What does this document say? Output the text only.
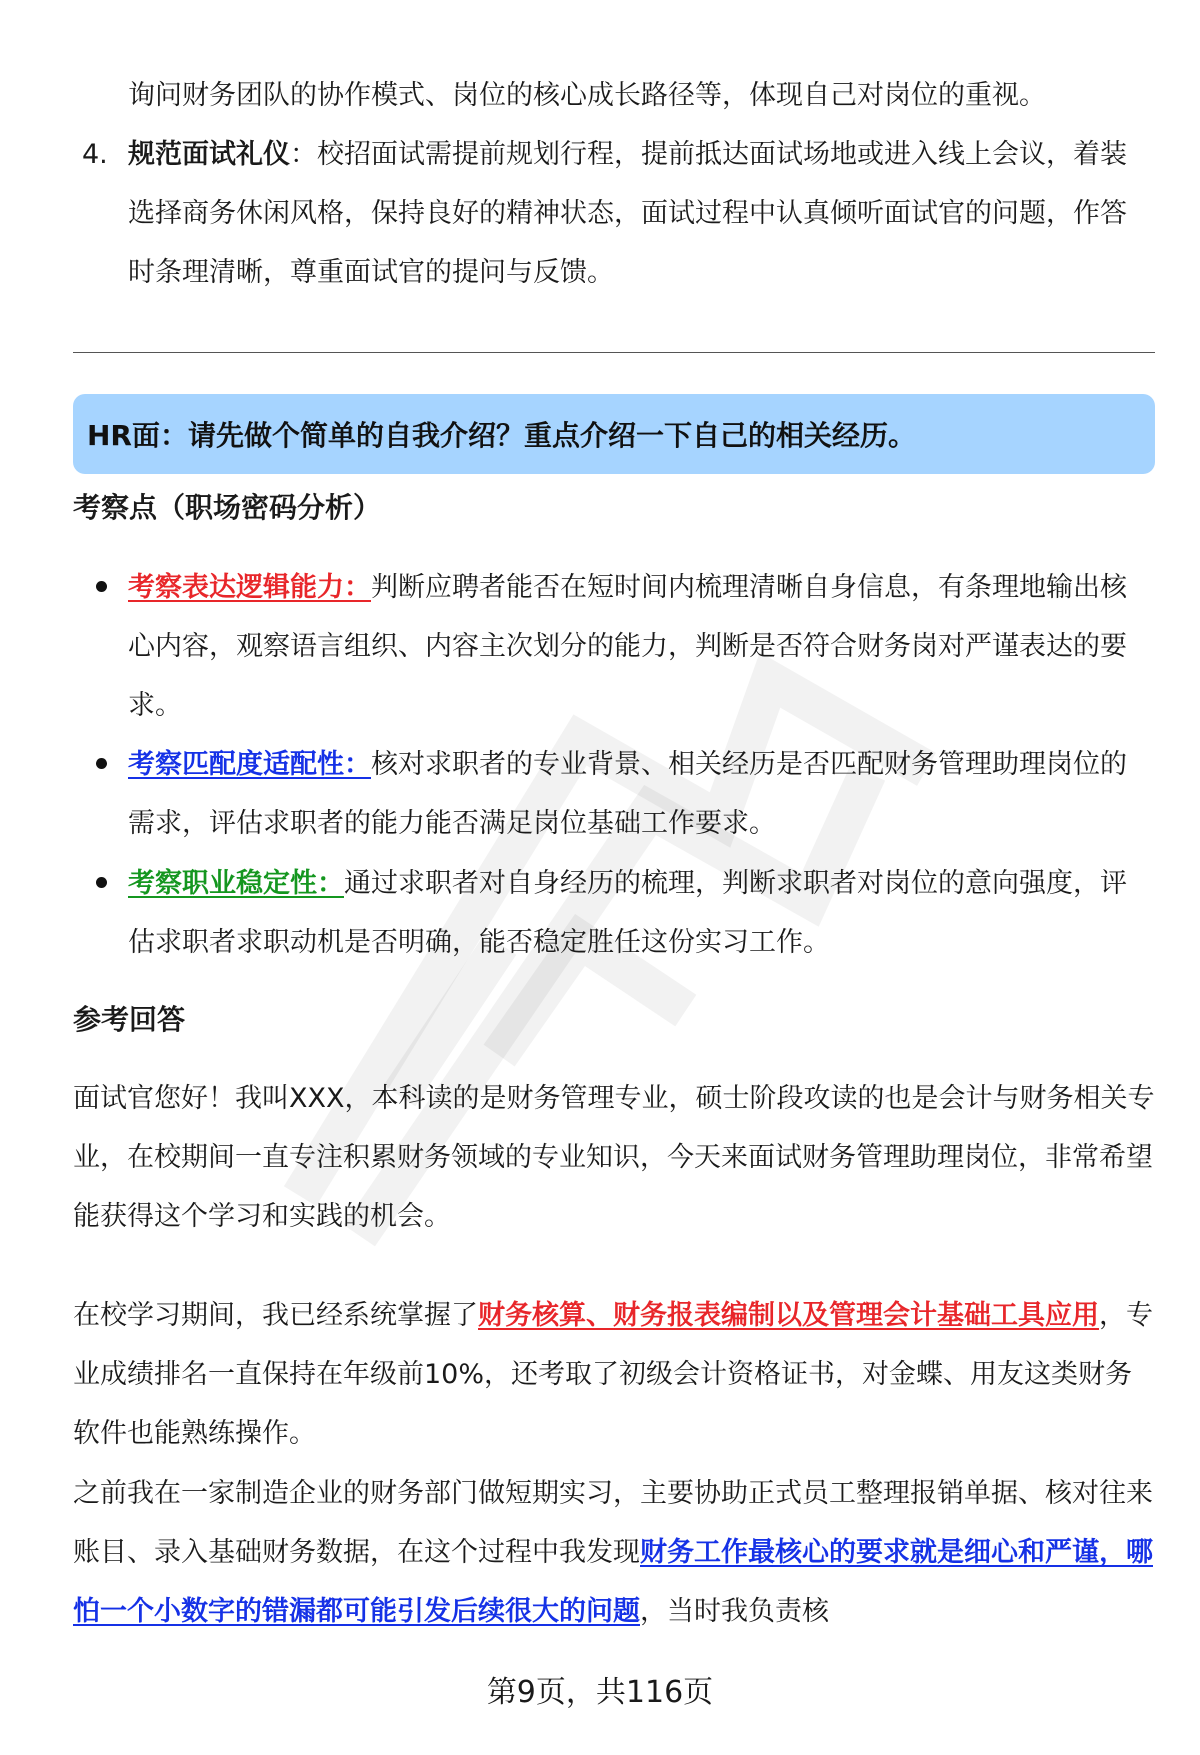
询问财务团队的协作模式、岗位的核心成长路径等，体现自己对岗位的重视。

4. 规范面试礼仪：校招面试需提前规划行程，提前抵达面试场地或进入线上会议，着装选择商务休闲风格，保持良好的精神状态，面试过程中认真倾听面试官的问题，作答时条理清晰，尊重面试官的提问与反馈。

HR面：请先做个简单的自我介绍？重点介绍一下自己的相关经历。
考察点（职场密码分析）

考察表达逻辑能力：判断应聘者能否在短时间内梳理清晰自身信息，有条理地输出核心内容，观察语言组织、内容主次划分的能力，判断是否符合财务岗对严谨表达的要求。

考察匹配度适配性：核对求职者的专业背景、相关经历是否匹配财务管理助理岗位的需求，评估求职者的能力能否满足岗位基础工作要求。

考察职业稳定性：通过求职者对自身经历的梳理，判断求职者对岗位的意向强度，评估求职者求职动机是否明确，能否稳定胜任这份实习工作。

参考回答

面试官您好！我叫XXX，本科读的是财务管理专业，硕士阶段攻读的也是会计与财务相关专业，在校期间一直专注积累财务领域的专业知识，今天来面试财务管理助理岗位，非常希望能获得这个学习和实践的机会。

在校学习期间，我已经系统掌握了财务核算、财务报表编制以及管理会计基础工具应用，专业成绩排名一直保持在年级前10%，还考取了初级会计资格证书，对金蝶、用友这类财务软件也能熟练操作。

之前我在一家制造企业的财务部门做短期实习，主要协助正式员工整理报销单据、核对往来账目、录入基础财务数据，在这个过程中我发现财务工作最核心的要求就是细心和严谨，哪怕一个小数字的错漏都可能引发后续很大的问题，当时我负责核

第9页，共116页
